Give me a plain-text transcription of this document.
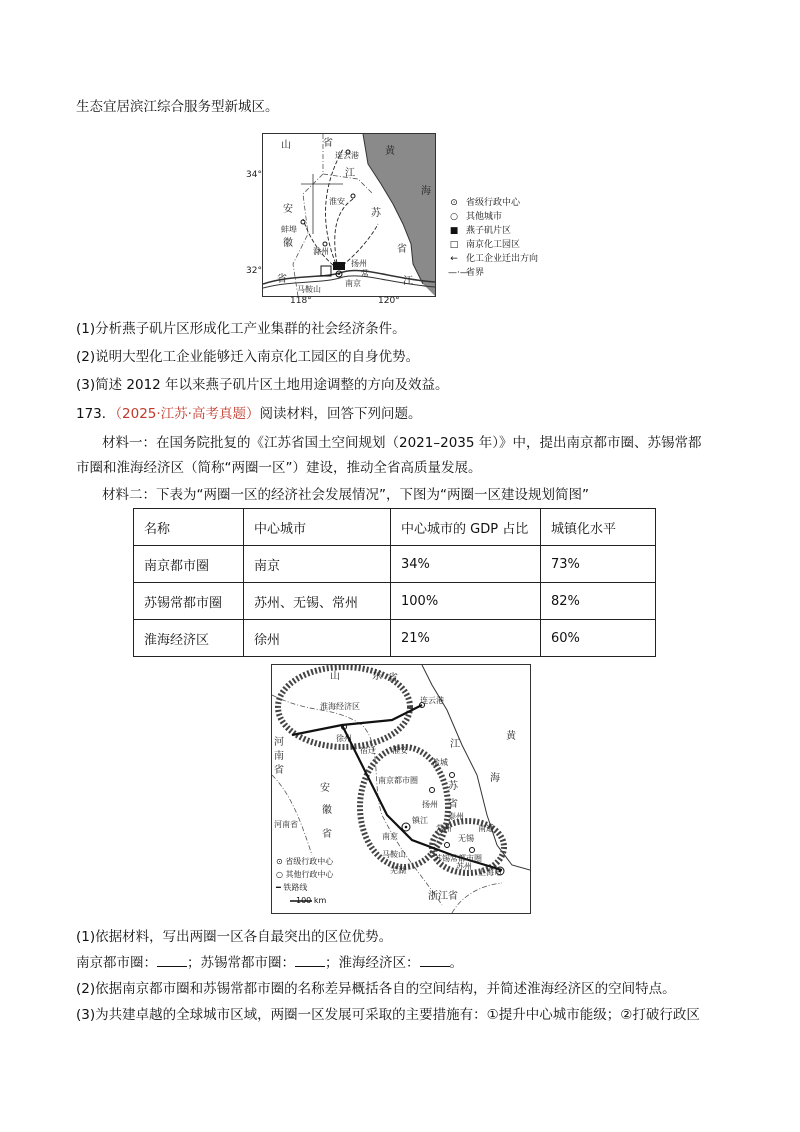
生态宜居滨江综合服务型新城区。
山	省
连云港	黄
海
江
淮安
安	苏
蚌埠
徽
滁州	省
省	南京	江
马鞍山
扬州
常
34°
32°
118°	120°
⊙ 省级行政中心
○ 其他城市
■ 燕子矶片区
□ 南京化工园区
← 化工企业迁出方向
—·—
省界
(1)分析燕子矶片区形成化工产业集群的社会经济条件。
(2)说明大型化工企业能够迁入南京化工园区的自身优势。
(3)简述 2012 年以来燕子矶片区土地用途调整的方向及效益。
173．（2025·江苏·高考真题）阅读材料，回答下列问题。
材料一：在国务院批复的《江苏省国土空间规划（2021–2035 年）》中，提出南京都市圈、苏锡常都
市圈和淮海经济区（简称“两圈一区”）建设，推动全省高质量发展。
材料二：下表为“两圈一区的经济社会发展情况”，下图为“两圈一区建设规划简图”
名称	中心城市	中心城市的 GDP 占比	城镇化水平
南京都市圈	南京	34%	73%
苏锡常都市圈	苏州、无锡、常州	100%	82%
淮海经济区	徐州	21%	60%
山	东 省
淮海经济区
连云港
河
南
省
江
黄
海
安
徽
省
苏
南京都市圈
省
河南省
苏锡常都市圈
上海市
浙江省
徐州
宿迁 淮安
盐城
扬州
镇江
常州
无锡
苏州
南京
马鞍山
芜湖
南通
泰州
⊙ 省级行政中心
○ 其他行政中心
━ 铁路线
100 km
(1)依据材料，写出两圈一区各自最突出的区位优势。
南京都市圈： ；苏锡常都市圈： ；淮海经济区： 。
(2)依据南京都市圈和苏锡常都市圈的名称差异概括各自的空间结构，并简述淮海经济区的空间特点。
(3)为共建卓越的全球城市区域，两圈一区发展可采取的主要措施有：①提升中心城市能级；②打破行政区
